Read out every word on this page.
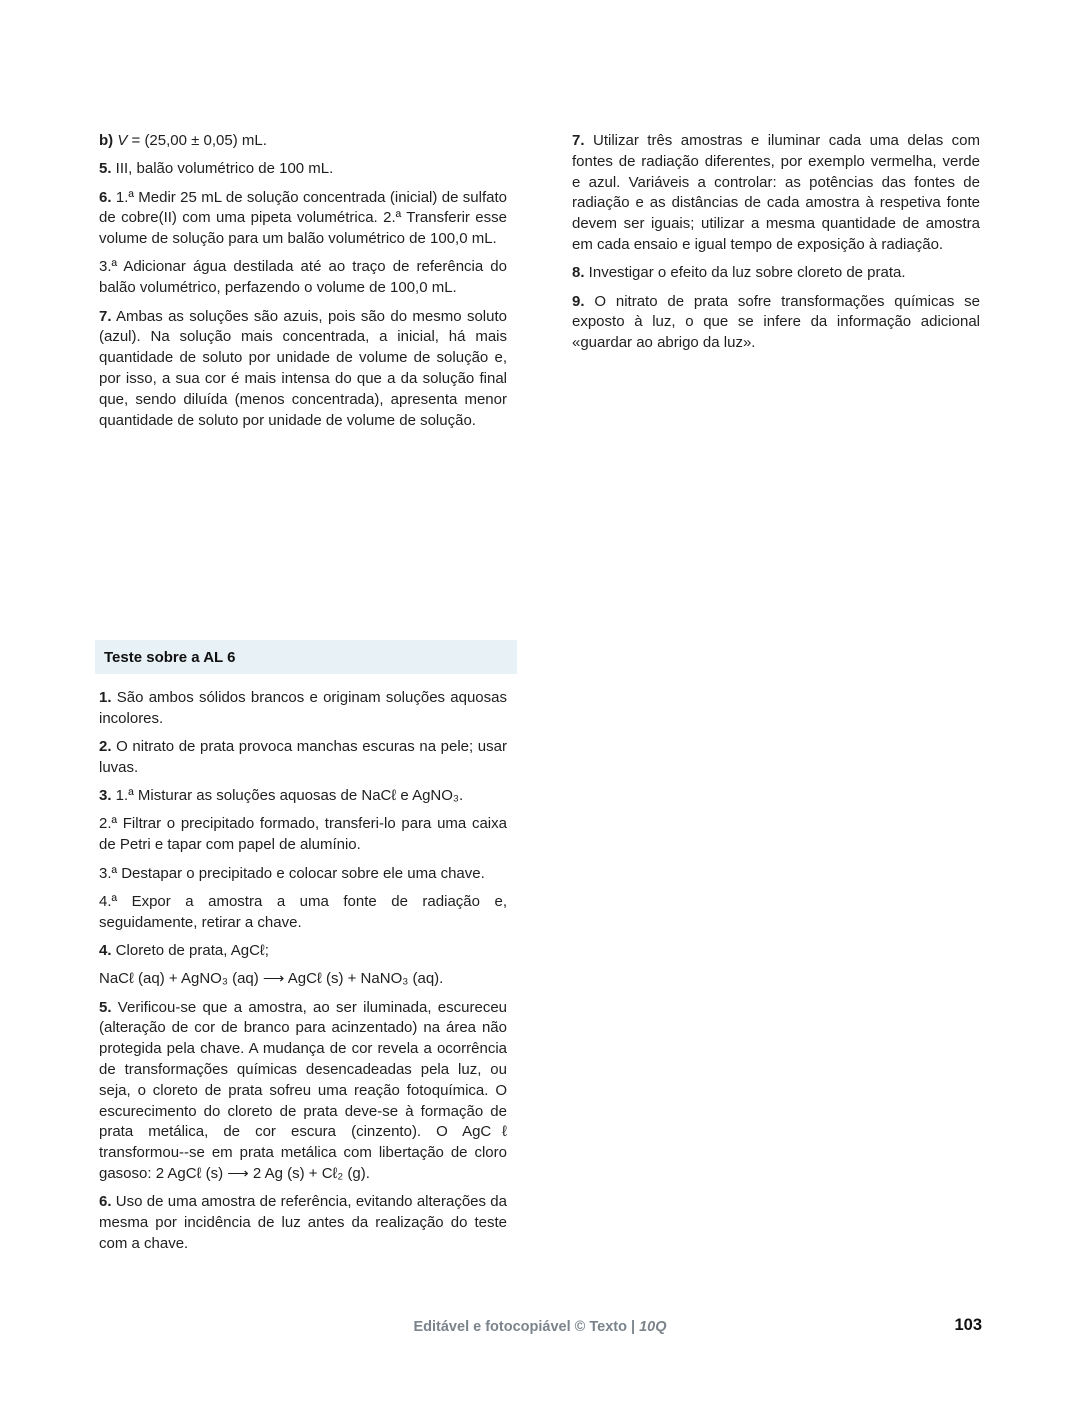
b) V = (25,00 ± 0,05) mL.

5. III, balão volumétrico de 100 mL.

6. 1.ª Medir 25 mL de solução concentrada (inicial) de sulfato de cobre(II) com uma pipeta volumétrica. 2.ª Transferir esse volume de solução para um balão volumétrico de 100,0 mL.

3.ª Adicionar água destilada até ao traço de referência do balão volumétrico, perfazendo o volume de 100,0 mL.

7. Ambas as soluções são azuis, pois são do mesmo soluto (azul). Na solução mais concentrada, a inicial, há mais quantidade de soluto por unidade de volume de solução e, por isso, a sua cor é mais intensa do que a da solução final que, sendo diluída (menos concentrada), apresenta menor quantidade de soluto por unidade de volume de solução.

7. Utilizar três amostras e iluminar cada uma delas com fontes de radiação diferentes, por exemplo vermelha, verde e azul. Variáveis a controlar: as potências das fontes de radiação e as distâncias de cada amostra à respetiva fonte devem ser iguais; utilizar a mesma quantidade de amostra em cada ensaio e igual tempo de exposição à radiação.

8. Investigar o efeito da luz sobre cloreto de prata.

9. O nitrato de prata sofre transformações químicas se exposto à luz, o que se infere da informação adicional «guardar ao abrigo da luz».

Teste sobre a AL 6

1. São ambos sólidos brancos e originam soluções aquosas incolores.

2. O nitrato de prata provoca manchas escuras na pele; usar luvas.

3. 1.ª Misturar as soluções aquosas de NaCℓ e AgNO₃.

2.ª Filtrar o precipitado formado, transferi-lo para uma caixa de Petri e tapar com papel de alumínio.

3.ª Destapar o precipitado e colocar sobre ele uma chave.

4.ª Expor a amostra a uma fonte de radiação e, seguidamente, retirar a chave.

4. Cloreto de prata, AgCℓ;

NaCℓ (aq) + AgNO₃ (aq) ⟶ AgCℓ (s) + NaNO₃ (aq).

5. Verificou-se que a amostra, ao ser iluminada, escureceu (alteração de cor de branco para acinzentado) na área não protegida pela chave. A mudança de cor revela a ocorrência de transformações químicas desencadeadas pela luz, ou seja, o cloreto de prata sofreu uma reação fotoquímica. O escurecimento do cloreto de prata deve-se à formação de prata metálica, de cor escura (cinzento). O AgCℓ transformou--se em prata metálica com libertação de cloro gasoso: 2 AgCℓ (s) ⟶ 2 Ag (s) + Cℓ₂ (g).

6. Uso de uma amostra de referência, evitando alterações da mesma por incidência de luz antes da realização do teste com a chave.

Editável e fotocopiável © Texto | 10Q	103
